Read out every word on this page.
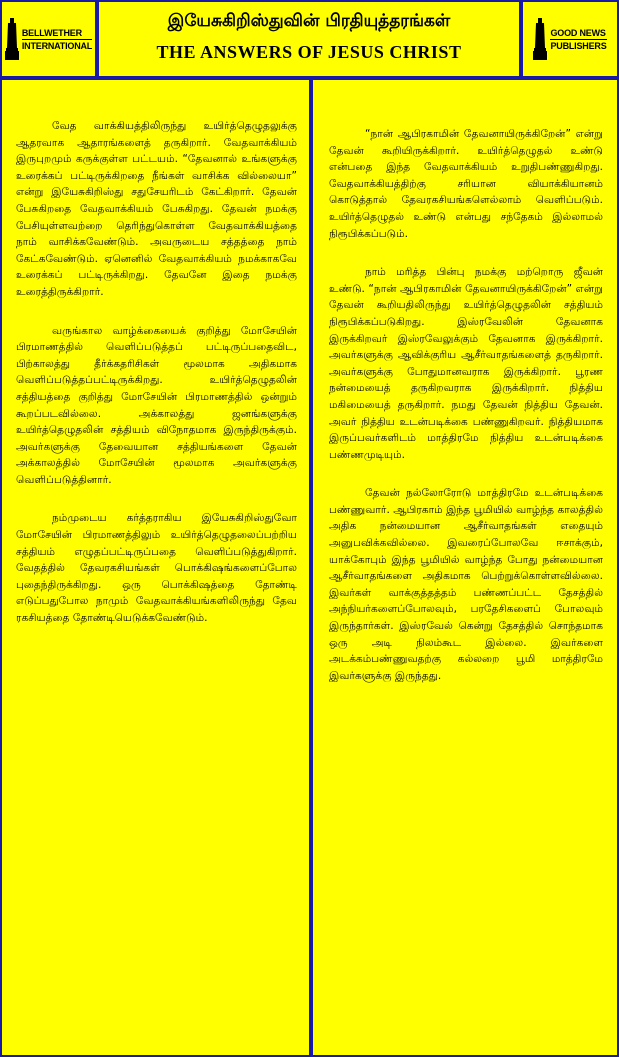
BELLWETHER
INTERNATIONAL
இயேசுகிறிஸ்துவின் பிரதியுத்தரங்கள்
THE ANSWERS OF JESUS CHRIST
GOOD NEWS
PUBLISHERS

வேத வாக்கியத்திலிருந்து உயிர்த்தெழுதலுக்கு ஆதரவாக ஆதாரங்களைத் தருகிறார். வேதவாக்கியம் இருபுறமும் கருக்குள்ள பட்டயம். “தேவனால் உங்களுக்கு உரைக்கப் பட்டிருக்கிறதை நீங்கள் வாசிக்க வில்லையா” என்று இயேசுகிறிஸ்து சதுசேயரிடம் கேட்கிறார். தேவன் பேசுகிறதை வேதவாக்கியம் பேசுகிறது. தேவன் நமக்கு பேசியுள்ளவற்றை தெரிந்துகொள்ள வேதவாக்கியத்தை நாம் வாசிக்கவேண்டும். அவருடைய சத்தத்தை நாம் கேட்கவேண்டும். ஏனெனில் வேதவாக்கியம் நமக்காகவே உரைக்கப் பட்டிருக்கிறது. தேவனே இதை நமக்கு உரைத்திருக்கிறார்.

வருங்கால வாழ்க்கையைக் குறித்து மோசேயின் பிரமாணத்தில் வெளிப்படுத்தப் பட்டிருப்பதைவிட, பிற்காலத்து தீர்க்கதரிசிகள் மூலமாக அதிகமாக வெளிப்படுத்தப்பட்டிருக்கிறது. உயிர்த்தெழுதலின் சத்தியத்தை குறித்து மோசேயின் பிரமாணத்தில் ஒன்றும் கூறப்படவில்லை. அக்காலத்து ஜனங்களுக்கு உயிர்த்தெழுதலின் சத்தியம் விநோதமாக இருந்திருக்கும். அவர்களுக்கு தேவையான சத்தியங்களை தேவன் அக்காலத்தில் மோசேயின் மூலமாக அவர்களுக்கு வெளிப்படுத்தினார்.

நம்முடைய கர்த்தராகிய இயேசுகிறிஸ்துவோ மோசேயின் பிரமாணத்திலும் உயிர்த்தெழுதலைப்பற்றிய சத்தியம் எழுதப்பட்டிருப்பதை வெளிப்படுத்துகிறார். வேதத்தில் தேவரகசியங்கள் பொக்கிஷங்களைப்போல புதைந்திருக்கிறது. ஒரு பொக்கிஷத்தை தோண்டி எடுப்பதுபோல நாமும் வேதவாக்கியங்களிலிருந்து தேவ ரகசியத்தை தோண்டியெடுக்கவேண்டும்.

“நான் ஆபிரகாமின் தேவனாயிருக்கிறேன்” என்று தேவன் கூறியிருக்கிறார். உயிர்த்தெழுதல் உண்டு என்பதை இந்த வேதவாக்கியம் உறுதிபண்ணுகிறது. வேதவாக்கியத்திற்கு சரியான வியாக்கியானம் கொடுத்தால் தேவரகசியங்களெல்லாம் வெளிப்படும். உயிர்த்தெழுதல் உண்டு என்பது சந்தேகம் இல்லாமல் நிரூபிக்கப்படும்.

நாம் மரித்த பின்பு நமக்கு மற்றொரு ஜீவன் உண்டு. “நான் ஆபிரகாமின் தேவனாயிருக்கிறேன்” என்று தேவன் கூறியதிலிருந்து உயிர்த்தெழுதலின் சத்தியம் நிரூபிக்கப்படுகிறது. இஸ்ரவேலின் தேவனாக இருக்கிறவர் இஸ்ரவேலுக்கும் தேவனாக இருக்கிறார். அவர்களுக்கு ஆவிக்குரிய ஆசீர்வாதங்களைத் தருகிறார். அவர்களுக்கு போதுமானவராக இருக்கிறார். பூரண நன்மையைத் தருகிறவராக இருக்கிறார். நித்திய மகிமையைத் தருகிறார். நமது தேவன் நித்திய தேவன். அவர் நித்திய உடன்படிக்கை பண்ணுகிறவர். நித்தியமாக இருப்பவர்களிடம் மாத்திரமே நித்திய உடன்படிக்கை பண்ணமுடியும்.

தேவன் நல்லோரோடு மாத்திரமே உடன்படிக்கை பண்ணுவார். ஆபிரகாம் இந்த பூமியில் வாழ்ந்த காலத்தில் அதிக நன்மையான ஆசீர்வாதங்கள் எதையும் அனுபவிக்கவில்லை. இவரைப்போலவே ஈசாக்கும், யாக்கோபும் இந்த பூமியில் வாழ்ந்த போது நன்மையான ஆசீர்வாதங்களை அதிகமாக பெற்றுக்கொள்ளவில்லை. இவர்கள் வாக்குத்தத்தம் பண்ணப்பட்ட தேசத்தில் அந்நியர்களைப்போலவும், பரதேசிகளைப் போலவும் இருந்தார்கள். இஸ்ரவேல் கென்று தேசத்தில் சொந்தமாக ஒரு அடி நிலம்கூட இல்லை. இவர்களை அடக்கம்பண்ணுவதற்கு கல்லறை பூமி மாத்திரமே இவர்களுக்கு இருந்தது.
